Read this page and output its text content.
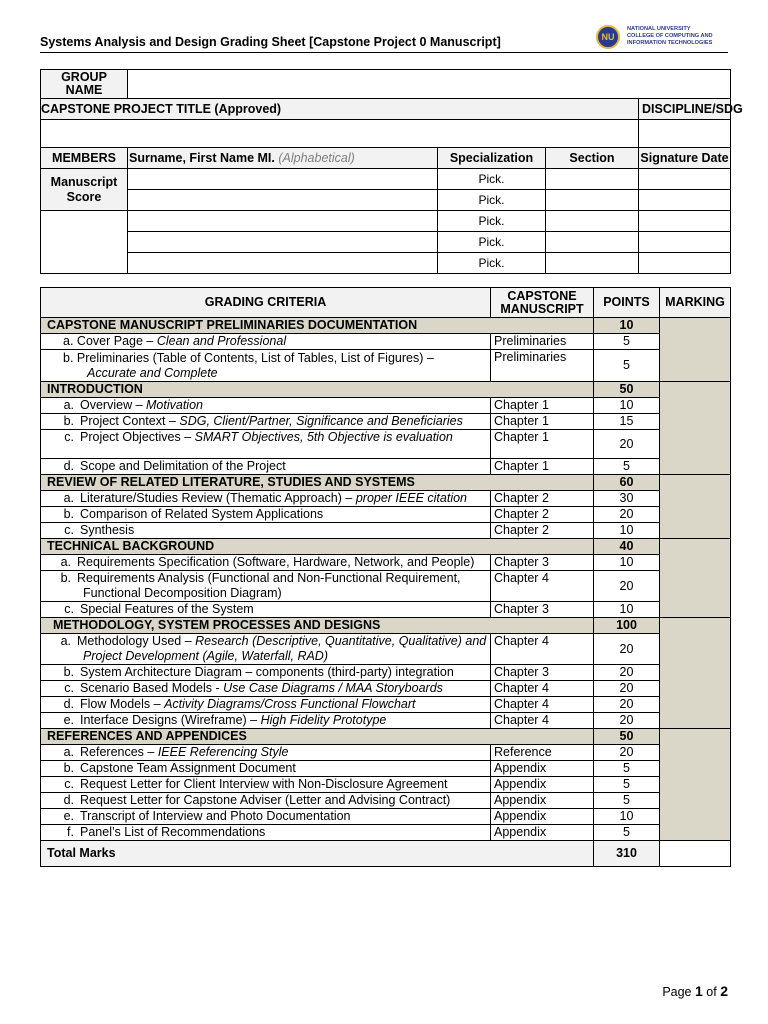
Systems Analysis and Design Grading Sheet [Capstone Project 0 Manuscript]	NU
NATIONAL UNIVERSITY
COLLEGE OF COMPUTING AND
INFORMATION TECHNOLOGIES
GROUP NAME				
CAPSTONE PROJECT TITLE (Approved)				DISCIPLINE/SDG

MEMBERS	Surname, First Name MI. (Alphabetical)	Specialization	Section	Signature Date
Manuscript Score		Pick.		
		Pick.		
		Pick.		
		Pick.		
		Pick.		
GRADING CRITERIA	CAPSTONE MANUSCRIPT	POINTS	MARKING
CAPSTONE MANUSCRIPT PRELIMINARIES DOCUMENTATION		10	
a. Cover Page – Clean and Professional	Preliminaries	5	
b. Preliminaries (Table of Contents, List of Tables, List of Figures) –
Accurate and Complete	Preliminaries	5	
INTRODUCTION		50	
a. Overview – Motivation	Chapter 1	10	
b. Project Context – SDG, Client/Partner, Significance and Beneficiaries	Chapter 1	15	
c. Project Objectives – SMART Objectives, 5th Objective is evaluation	Chapter 1	20	
d. Scope and Delimitation of the Project	Chapter 1	5	
REVIEW OF RELATED LITERATURE, STUDIES AND SYSTEMS		60	
a. Literature/Studies Review (Thematic Approach) – proper IEEE citation	Chapter 2	30	
b. Comparison of Related System Applications	Chapter 2	20	
c. Synthesis	Chapter 2	10	
TECHNICAL BACKGROUND		40	
a. Requirements Specification (Software, Hardware, Network, and People)	Chapter 3	10	
b. Requirements Analysis (Functional and Non-Functional Requirement, Functional Decomposition Diagram)	Chapter 4	20	
c. Special Features of the System	Chapter 3	10	
METHODOLOGY, SYSTEM PROCESSES AND DESIGNS		100	
a. Methodology Used – Research (Descriptive, Quantitative, Qualitative) and Project Development (Agile, Waterfall, RAD)	Chapter 4	20	
b. System Architecture Diagram – components (third-party) integration	Chapter 3	20	
c. Scenario Based Models - Use Case Diagrams / MAA Storyboards	Chapter 4	20	
d. Flow Models – Activity Diagrams/Cross Functional Flowchart	Chapter 4	20	
e. Interface Designs (Wireframe) – High Fidelity Prototype	Chapter 4	20	
REFERENCES AND APPENDICES		50	
a. References – IEEE Referencing Style	Reference	20	
b. Capstone Team Assignment Document	Appendix	5	
c. Request Letter for Client Interview with Non-Disclosure Agreement	Appendix	5	
d. Request Letter for Capstone Adviser (Letter and Advising Contract)	Appendix	5	
e. Transcript of Interview and Photo Documentation	Appendix	10	
f. Panel’s List of Recommendations	Appendix	5	
Total Marks		310	
Page 1 of 2
